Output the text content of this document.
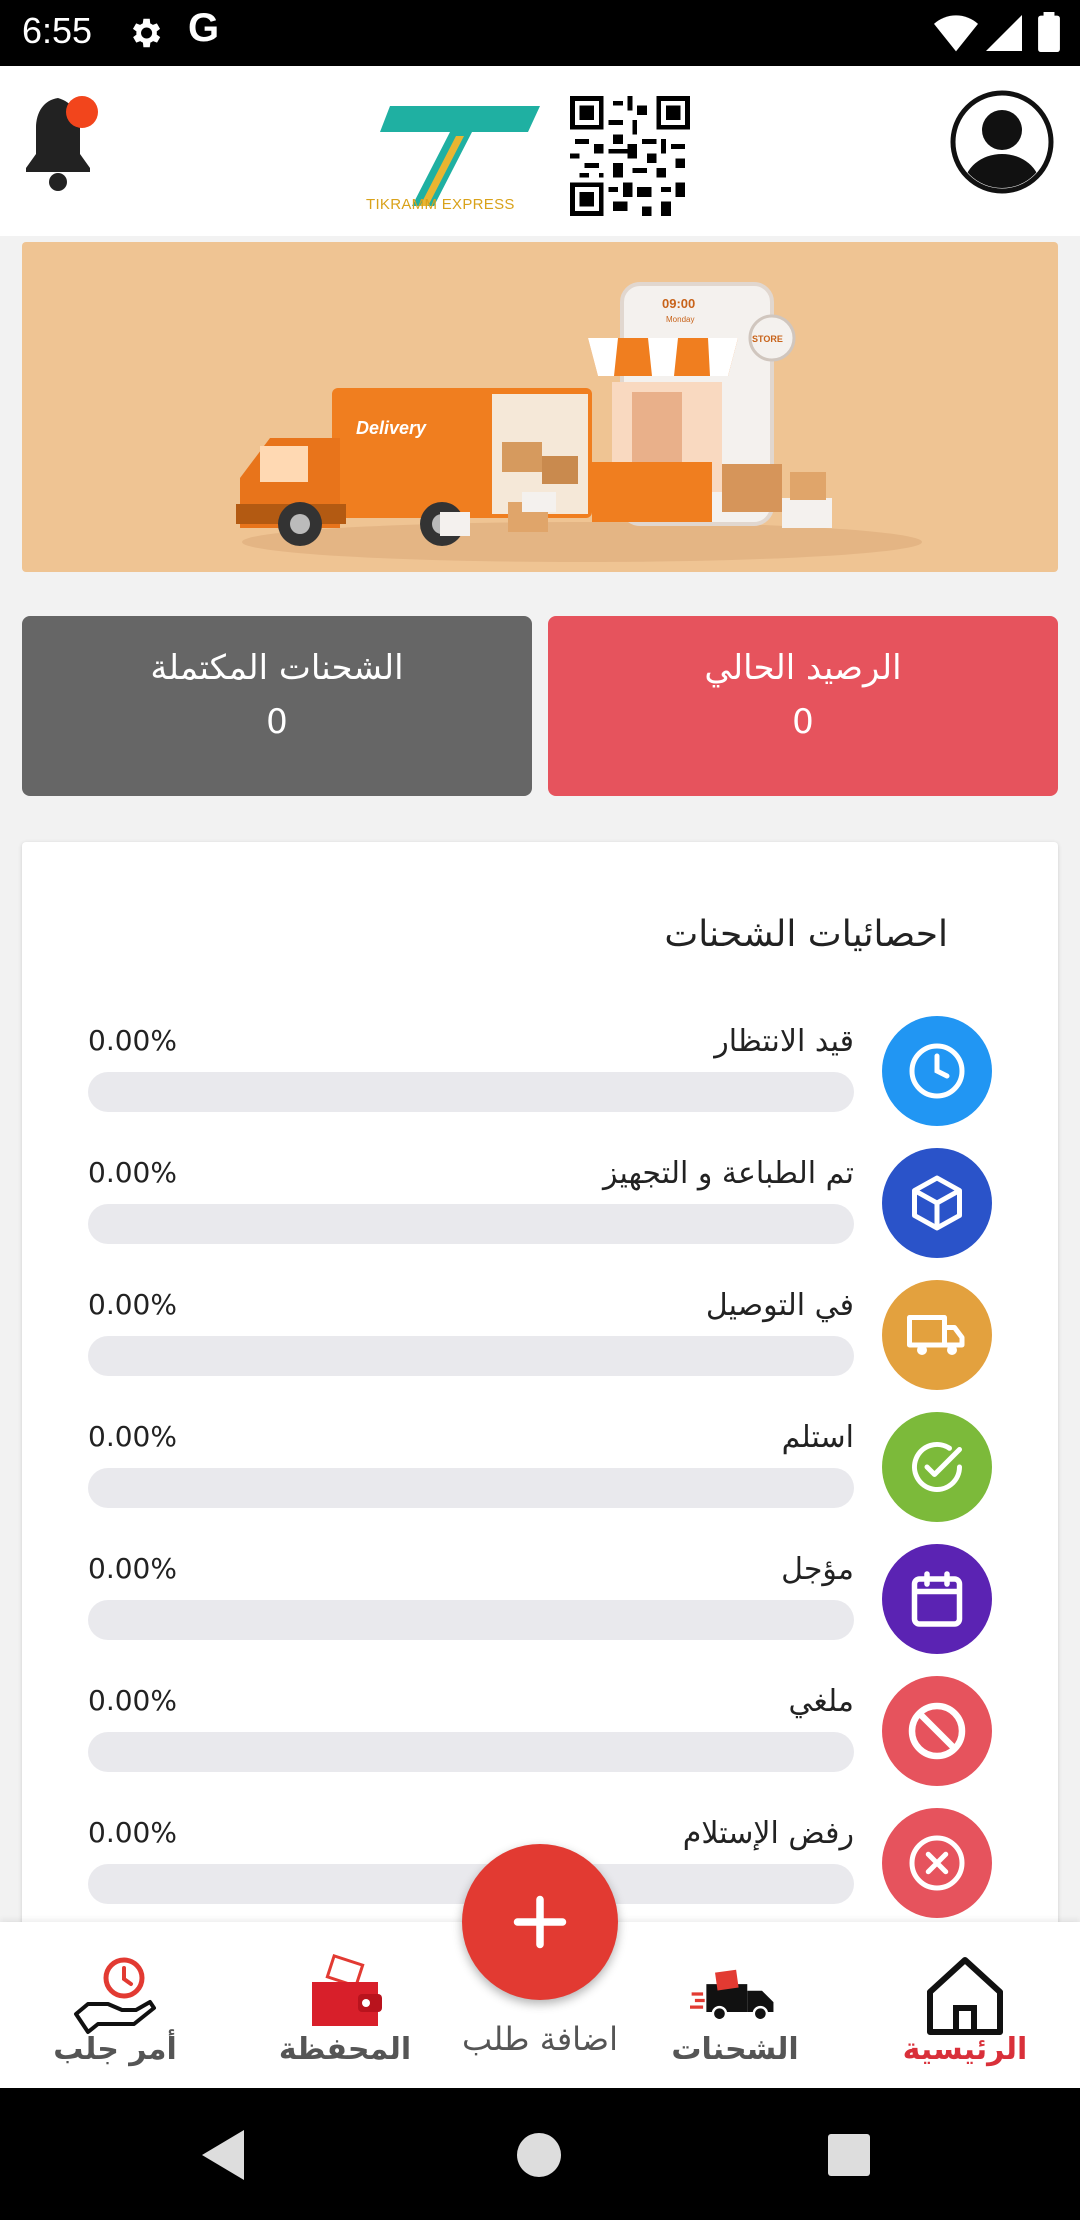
6:55 G
TIKRAMM EXPRESS
Delivery
09:00
Monday
STORE
الرصيد الحالي
0
الشحنات المكتملة
0
احصائيات الشحنات
قيد الانتظار
0.00%
تم الطباعة و التجهيز
0.00%
في التوصيل
0.00%
استلم
0.00%
مؤجل
0.00%
ملغي
0.00%
رفض الإستلام
0.00%
الرئيسية
الشحنات
اضافة طلب
المحفظة
أمر جلب
